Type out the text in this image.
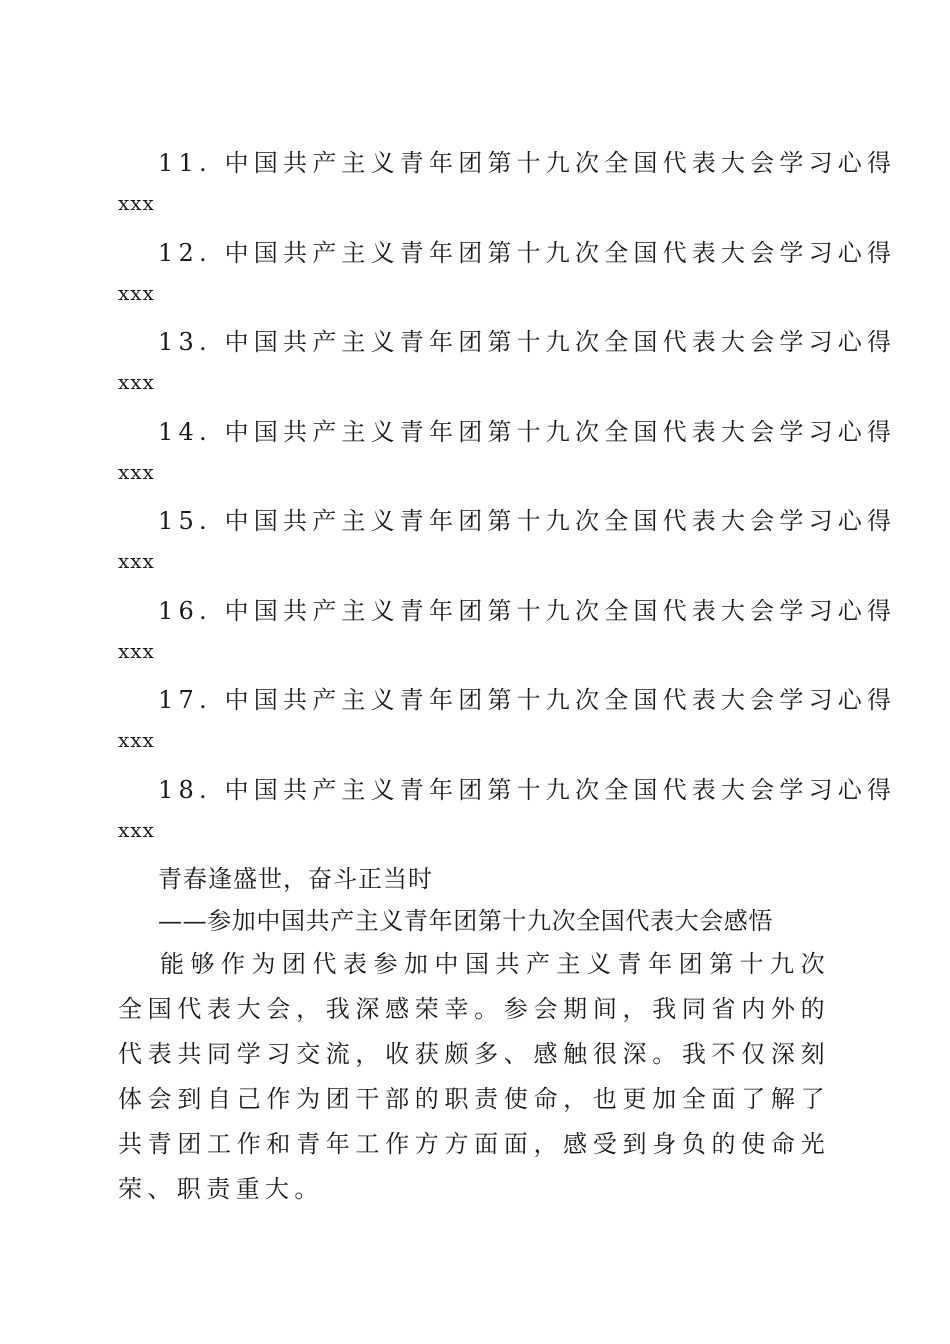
11. 中国共产主义青年团第十九次全国代表大会学习心得
xxx
12. 中国共产主义青年团第十九次全国代表大会学习心得
xxx
13. 中国共产主义青年团第十九次全国代表大会学习心得
xxx
14. 中国共产主义青年团第十九次全国代表大会学习心得
xxx
15. 中国共产主义青年团第十九次全国代表大会学习心得
xxx
16. 中国共产主义青年团第十九次全国代表大会学习心得
xxx
17. 中国共产主义青年团第十九次全国代表大会学习心得
xxx
18. 中国共产主义青年团第十九次全国代表大会学习心得
xxx
青春逢盛世，奋斗正当时
——参加中国共产主义青年团第十九次全国代表大会感悟

能够作为团代表参加中国共产主义青年团第十九次全国代表大会，我深感荣幸。参会期间，我同省内外的代表共同学习交流，收获颇多、感触很深。我不仅深刻体会到自己作为团干部的职责使命，也更加全面了解了共青团工作和青年工作方方面面，感受到身负的使命光荣、职责重大。
